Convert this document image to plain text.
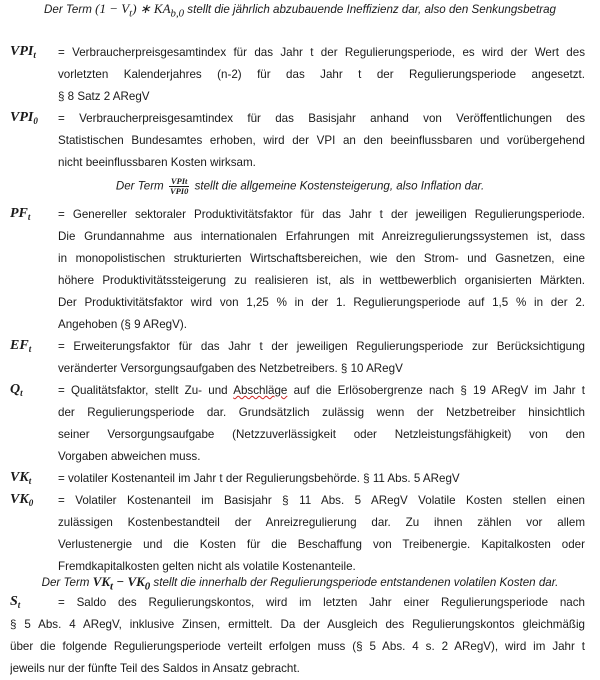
Der Term $(1 - V_t)$ ∗ $KA_{b,0}$ stellt die jährlich abzubauende Ineffizienz dar, also den Senkungsbetrag
$VPI_t$ = Verbraucherpreisgesamtindex für das Jahr t der Regulierungsperiode, es wird der Wert des
vorletzten Kalenderjahres (n-2) für das Jahr t der Regulierungsperiode angesetzt.
§ 8 Satz 2 ARegV
$VPI_0$ = Verbraucherpreisgesamtindex für das Basisjahr anhand von Veröffentlichungen des
Statistischen Bundesamtes erhoben, wird der VPI an den beeinflussbaren und vorübergehend
nicht beeinflussbaren Kosten wirksam.
Der Term $\frac{\text{VPIt}}{\text{VPI0}}$ stellt die allgemeine Kostensteigerung, also Inflation dar.
$PF_t$ = Genereller sektoraler Produktivitätsfaktor für das Jahr t der jeweiligen Regulierungsperiode.
Die Grundannahme aus internationalen Erfahrungen mit Anreizregulierungssystemen ist, dass
in monopolistischen strukturierten Wirtschaftsbereichen, wie den Strom- und Gasnetzen, eine
höhere Produktivitätssteigerung zu realisieren ist, als in wettbewerblich organisierten Märkten.
Der Produktivitätsfaktor wird von 1,25 % in der 1. Regulierungsperiode auf 1,5 % in der 2.
Angehoben (§ 9 ARegV).
$EF_t$ = Erweiterungsfaktor für das Jahr t der jeweiligen Regulierungsperiode zur Berücksichtigung
veränderter Versorgungsaufgaben des Netzbetreibers. § 10 ARegV
$Q_t$	= Qualitätsfaktor, stellt Zu- und Abschläge auf die Erlösobergrenze nach § 19 ARegV im Jahr t
der Regulierungsperiode dar. Grundsätzlich zulässig wenn der Netzbetreiber hinsichtlich
seiner Versorgungsaufgabe (Netzzuverlässigkeit oder Netzleistungsfähigkeit) von den
Vorgaben abweichen muss.
$VK_t$ = volatiler Kostenanteil im Jahr t der Regulierungsbehörde. § 11 Abs. 5 ARegV
$VK_0$ = Volatiler Kostenanteil im Basisjahr § 11 Abs. 5 ARegV Volatile Kosten stellen einen
zulässigen Kostenbestandteil der Anreizregulierung dar. Zu ihnen zählen vor allem
Verlustenergie und die Kosten für die Beschaffung von Treibenergie. Kapitalkosten oder
Fremdkapitalkosten gelten nicht als volatile Kostenanteile.
Der Term $VK_t - VK_0$ stellt die innerhalb der Regulierungsperiode entstandenen volatilen Kosten dar.
$S_t$	= Saldo des Regulierungskontos, wird im letzten Jahr einer Regulierungsperiode nach
§ 5 Abs. 4 ARegV, inklusive Zinsen, ermittelt. Da der Ausgleich des Regulierungskontos gleichmäßig
über die folgende Regulierungsperiode verteilt erfolgen muss (§ 5 Abs. 4 s. 2 ARegV), wird im Jahr t
jeweils nur der fünfte Teil des Saldos in Ansatz gebracht.
